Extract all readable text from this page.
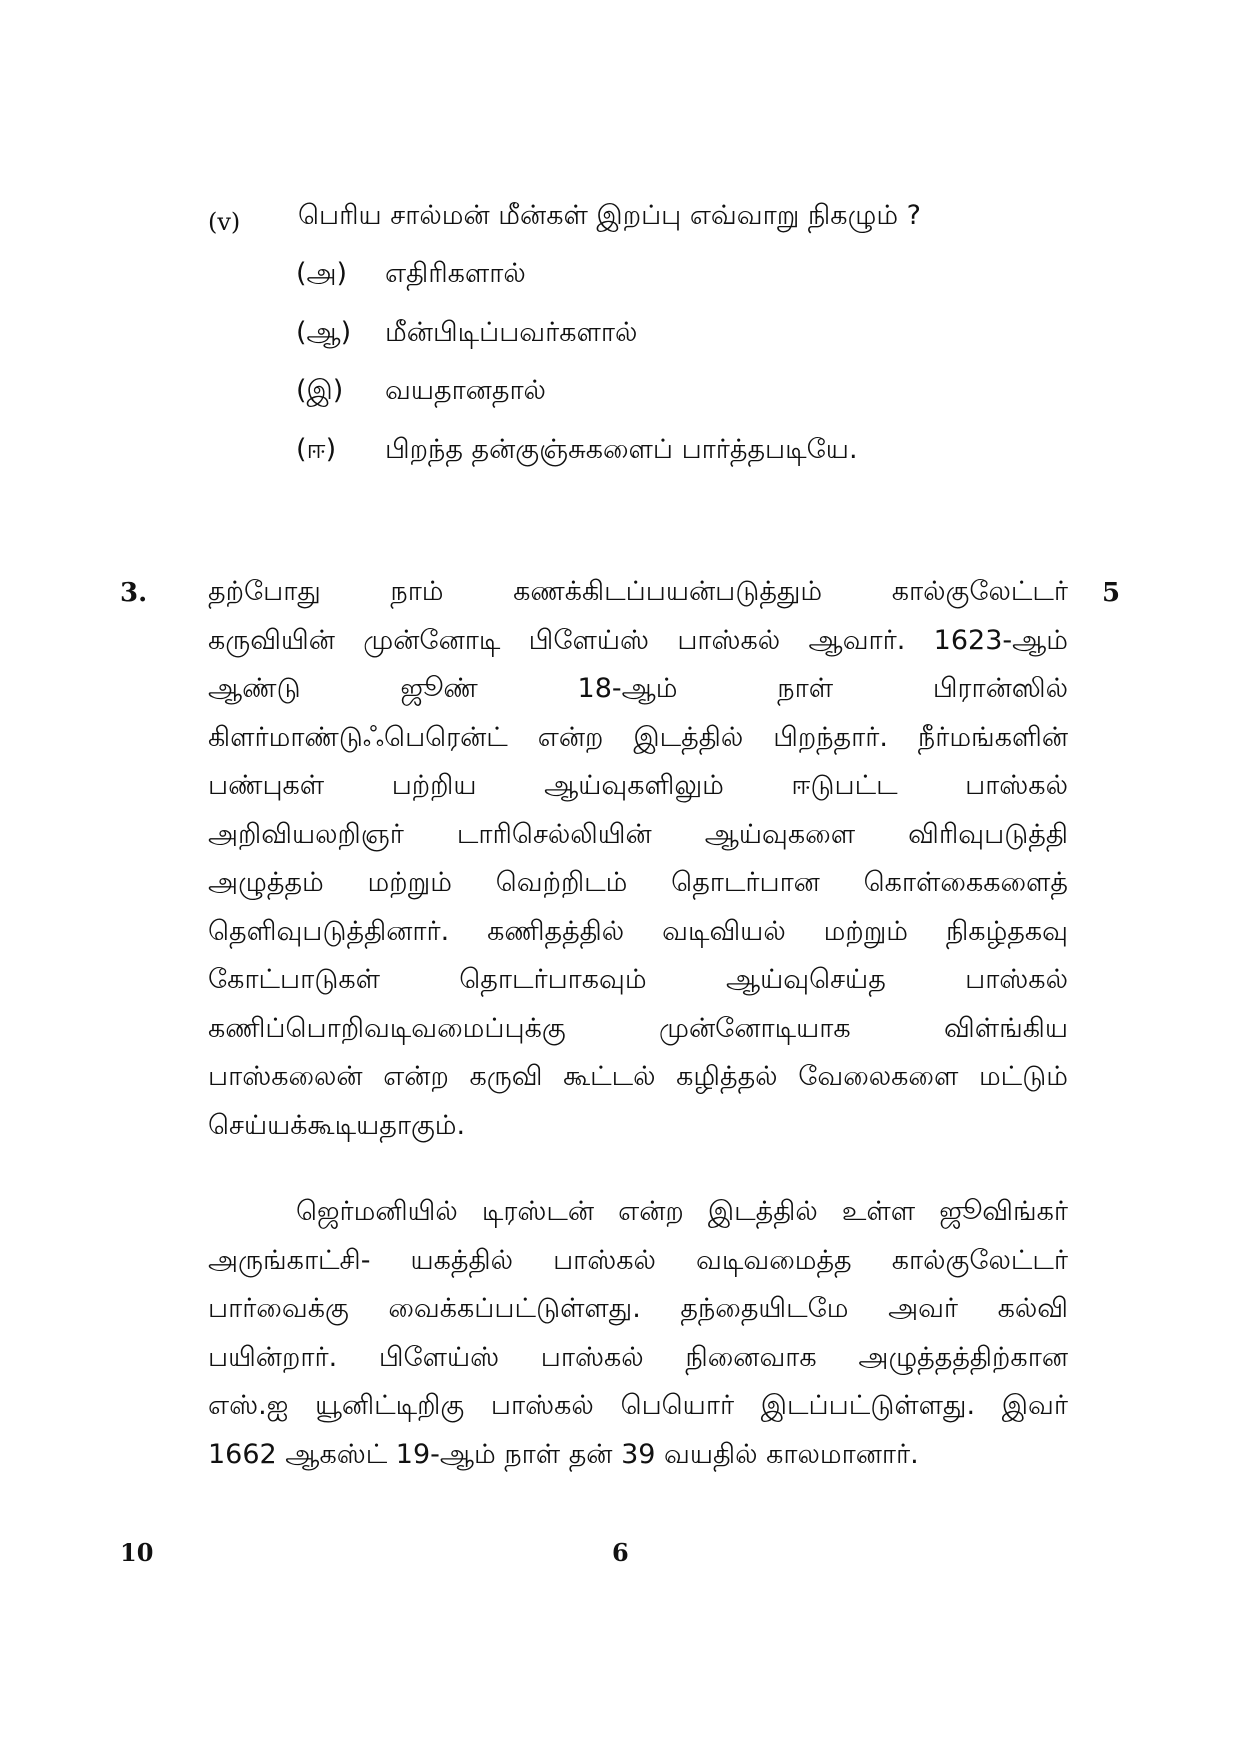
(v) பெரிய சால்மன் மீன்கள் இறப்பு எவ்வாறு நிகழும் ?
(அ) எதிரிகளால்
(ஆ) மீன்பிடிப்பவர்களால்
(இ) வயதானதால்
(ஈ) பிறந்த தன்குஞ்சுகளைப் பார்த்தபடியே.
3.	5
தற்போது நாம் கணக்கிடப்பயன்படுத்தும் கால்குலேட்டர்
கருவியின் முன்னோடி பிளேய்ஸ் பாஸ்கல் ஆவார். 1623-ஆம்
ஆண்டு ஜூண் 18-ஆம் நாள் பிரான்ஸில்
கிளர்மாண்டுஃபெரென்ட் என்ற இடத்தில் பிறந்தார். நீர்மங்களின்
பண்புகள் பற்றிய ஆய்வுகளிலும் ஈடுபட்ட பாஸ்கல்
அறிவியலறிஞர் டாரிசெல்லியின் ஆய்வுகளை விரிவுபடுத்தி
அழுத்தம் மற்றும் வெற்றிடம் தொடர்பான கொள்கைகளைத்
தெளிவுபடுத்தினார். கணிதத்தில் வடிவியல் மற்றும் நிகழ்தகவு
கோட்பாடுகள் தொடர்பாகவும் ஆய்வுசெய்த பாஸ்கல்
கணிப்பொறிவடிவமைப்புக்கு முன்னோடியாக விள்ங்கிய
பாஸ்கலைன் என்ற கருவி கூட்டல் கழித்தல் வேலைகளை மட்டும்
செய்யக்கூடியதாகும்.
ஜெர்மனியில் டிரஸ்டன் என்ற இடத்தில் உள்ள ஜூவிங்கர்
அருங்காட்சி- யகத்தில் பாஸ்கல் வடிவமைத்த கால்குலேட்டர்
பார்வைக்கு வைக்கப்பட்டுள்ளது. தந்தையிடமே அவர் கல்வி
பயின்றார். பிளேய்ஸ் பாஸ்கல் நினைவாக அழுத்தத்திற்கான
எஸ்.ஐ யூனிட்டிறிகு பாஸ்கல் பெயொர் இடப்பட்டுள்ளது. இவர்
1662 ஆகஸ்ட் 19-ஆம் நாள் தன் 39 வயதில் காலமானார்.
10	6
